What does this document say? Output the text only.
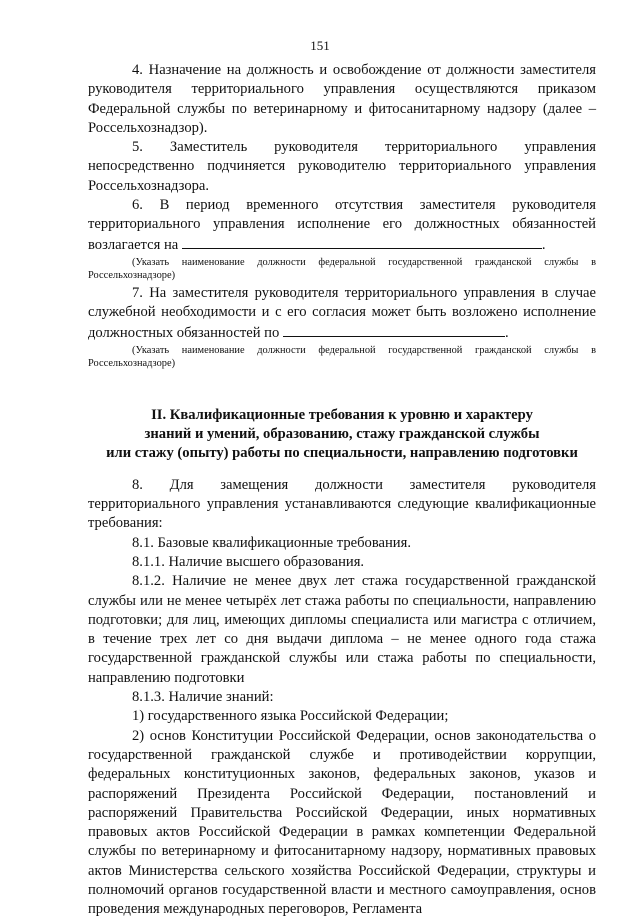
151

4. Назначение на должность и освобождение от должности заместителя руководителя территориального управления осуществляются приказом Федеральной службы по ветеринарному и фитосанитарному надзору (далее – Россельхознадзор).

5. Заместитель руководителя территориального управления непосредственно подчиняется руководителю территориального управления Россельхознадзора.

6. В период временного отсутствия заместителя руководителя территориального управления исполнение его должностных обязанностей возлагается на	.

(Указать наименование должности федеральной государственной гражданской службы в Россельхознадзоре)

7. На заместителя руководителя территориального управления в случае служебной необходимости и с его согласия может быть возложено исполнение должностных обязанностей по	.

(Указать наименование должности федеральной государственной гражданской службы в Россельхознадзоре)

II. Квалификационные требования к уровню и характеру
знаний и умений, образованию, стажу гражданской службы
или стажу (опыту) работы по специальности, направлению подготовки

8. Для замещения должности заместителя руководителя территориального управления устанавливаются следующие квалификационные требования:

8.1. Базовые квалификационные требования.

8.1.1. Наличие высшего образования.

8.1.2. Наличие не менее двух лет стажа государственной гражданской службы или не менее четырёх лет стажа работы по специальности, направлению подготовки; для лиц, имеющих дипломы специалиста или магистра с отличием, в течение трех лет со дня выдачи диплома – не менее одного года стажа государственной гражданской службы или стажа работы по специальности, направлению подготовки

8.1.3. Наличие знаний:

1) государственного языка Российской Федерации;

2) основ Конституции Российской Федерации, основ законодательства о государственной гражданской службе и противодействии коррупции, федеральных конституционных законов, федеральных законов, указов и распоряжений Президента Российской Федерации, постановлений и распоряжений Правительства Российской Федерации, иных нормативных правовых актов Российской Федерации в рамках компетенции Федеральной службы по ветеринарному и фитосанитарному надзору, нормативных правовых актов Министерства сельского хозяйства Российской Федерации, структуры и полномочий органов государственной власти и местного самоуправления, основ проведения международных переговоров, Регламента
